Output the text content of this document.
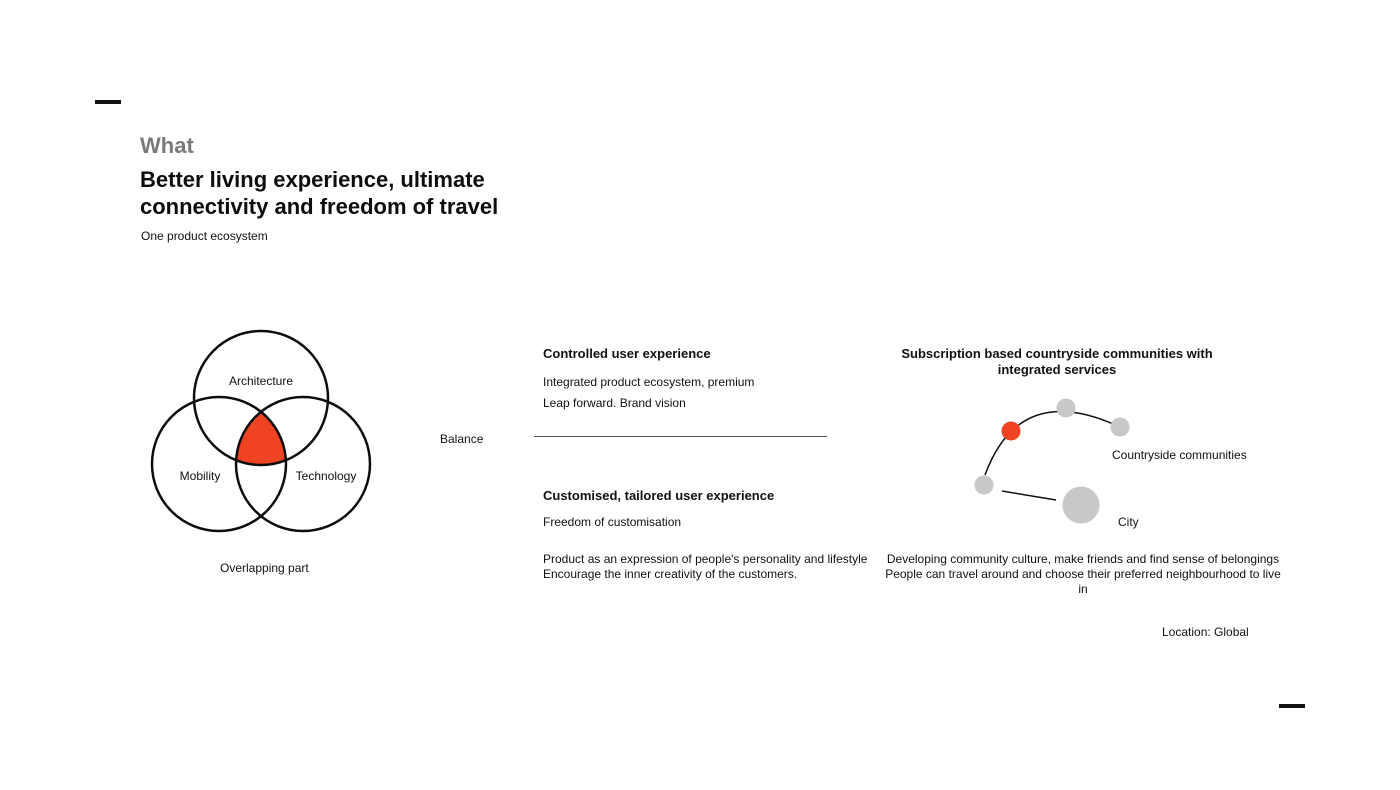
What
Better living experience, ultimate connectivity and freedom of travel
One product ecosystem
Architecture
Mobility	Technology
Overlapping part
Balance
Controlled user experience
Integrated product ecosystem, premium
Leap forward. Brand vision
Customised, tailored user experience
Freedom of customisation
Product as an expression of people's personality and lifestyle
Encourage the inner creativity of the customers.
Subscription based countryside communities with integrated services
Countryside communities
City
Developing community culture, make friends and find sense of belongings
People can travel around and choose their preferred neighbourhood to live in
Location: Global
